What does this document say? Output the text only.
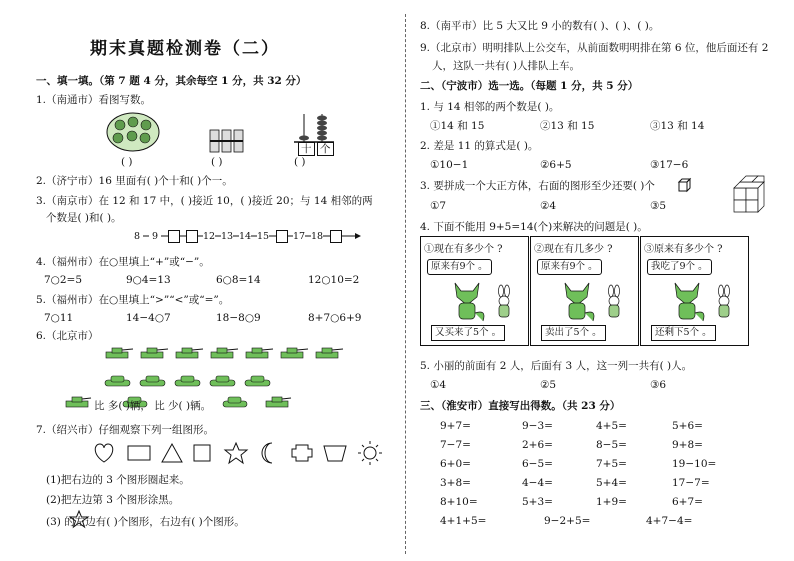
期末真题检测卷（二）
一、填一填。（第 7 题 4 分，其余每空 1 分，共 32 分）
1.（南通市）看图写数。
( )	( )
十 个
( )
2.（济宁市）16 里面有( )个十和( )个一。
3.（南京市）在 12 和 17 中，( )接近 10，( )接近 20；与 14 相邻的两
个数是( )和( )。
8	9	12 13 14 15	17 18
4.（福州市）在○里填上“+”或“−”。
7○2=5	9○4=13	6○8=14	12○10=2
5.（福州市）在○里填上“>”“<”或“=”。
7○11	14−4○7	18−8○9	8+7○6+9
6.（北京市）
比 多( )辆， 比 少( )辆。
7.（绍兴市）仔细观察下列一组图形。
(1)把右边的 3 个图形圈起来。
(2)把左边第 3 个图形涂黑。
(3) 的左边有( )个图形，右边有( )个图形。
8.（南平市）比 5 大又比 9 小的数有( )、( )、( )。
9.（北京市）明明排队上公交车，从前面数明明排在第 6 位，他后面还有 2
人，这队一共有( )人排队上车。
二、（宁波市）选一选。（每题 1 分，共 5 分）
1. 与 14 相邻的两个数是( )。
①14 和 15	②13 和 15	③13 和 14
2. 差是 11 的算式是( )。
①10−1	②6+5	③17−6
3. 要拼成一个大正方体，右面的图形至少还要( )个
①7	②4	③5
4. 下面不能用 9+5=14(个)来解决的问题是( )。
①现在有多少个 ?
原来有9个 。
又买来了5个 。
②现在有几多少 ?
原来有9个 。
卖出了5个 。
③原来有多少个 ?
我吃了9个 。
还剩下5个 。
5. 小丽的前面有 2 人，后面有 3 人，这一列一共有( )人。
①4	②5	③6
三、（淮安市）直接写出得数。（共 23 分）
9+7=	9−3=	4+5=	5+6=
7−7=	2+6=	8−5=	9+8=
6+0=	6−5=	7+5=	19−10=
3+8=	4−4=	5+4=	17−7=
8+10=	5+3=	1+9=	6+7=
4+1+5=	9−2+5=	4+7−4=
